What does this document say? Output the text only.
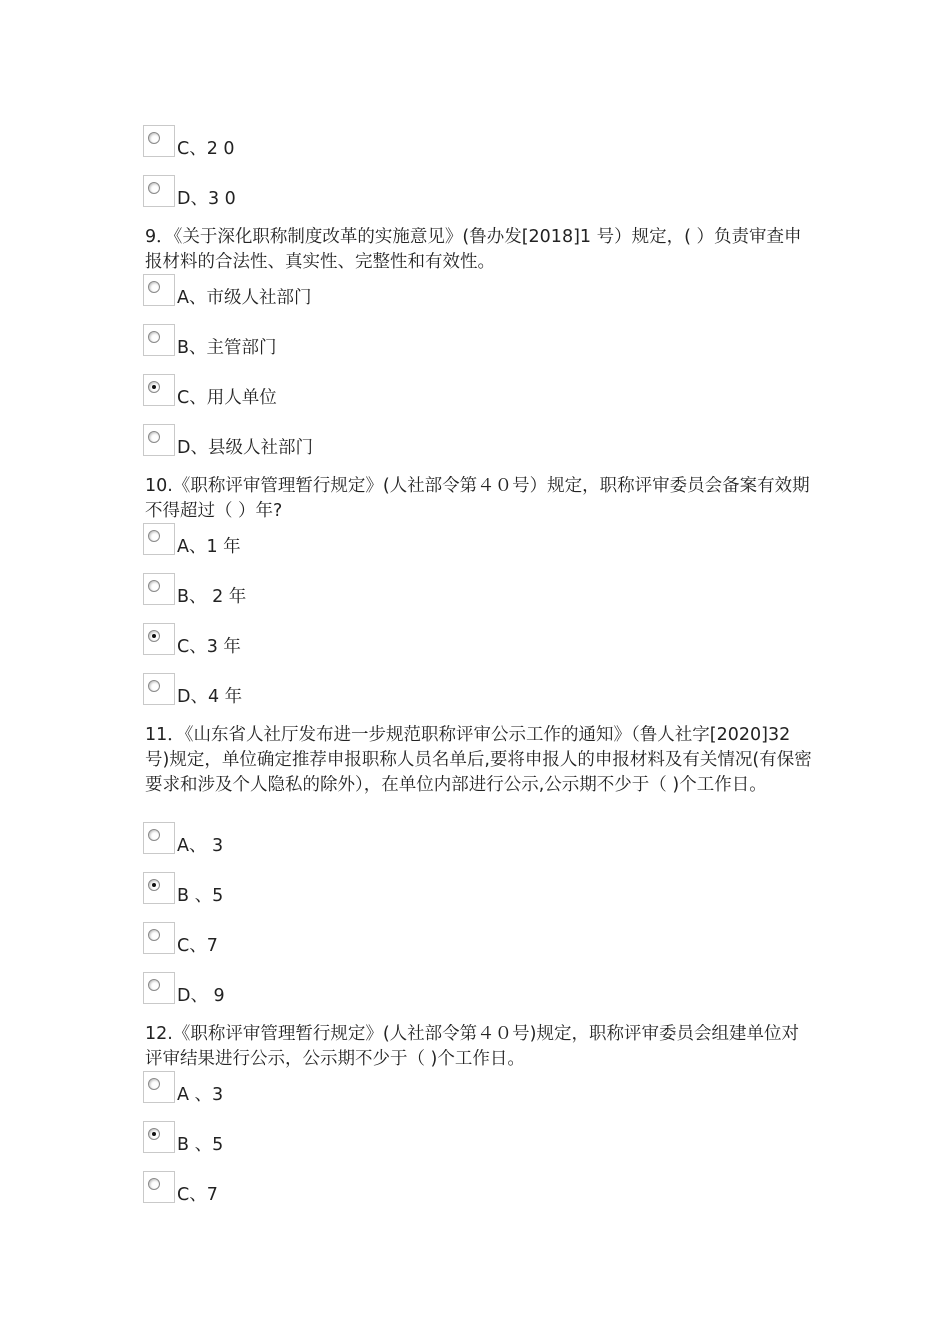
C、2 0
D、3 0
9．《关于深化职称制度改革的实施意见》(鲁办发[2018]1 号）规定，( ）负责审查申报材料的合法性、真实性、完整性和有效性。
A、市级人社部门
B、主管部门
C、用人单位
D、县级人社部门
10.《职称评审管理暂行规定》(人社部令第４０号）规定，职称评审委员会备案有效期不得超过（ ）年?
A、1 年
B、 2 年
C、3 年
D、4 年
11．《山东省人社厅发布进一步规范职称评审公示工作的通知》（鲁人社字[2020]32 号)规定，单位确定推荐申报职称人员名单后,要将申报人的申报材料及有关情况(有保密要求和涉及个人隐私的除外），在单位内部进行公示,公示期不少于（ )个工作日。
A、 3
B 、5
C、7
D、 9
12.《职称评审管理暂行规定》(人社部令第４０号)规定，职称评审委员会组建单位对评审结果进行公示，公示期不少于（ )个工作日。
A 、3
B 、5
C、7
